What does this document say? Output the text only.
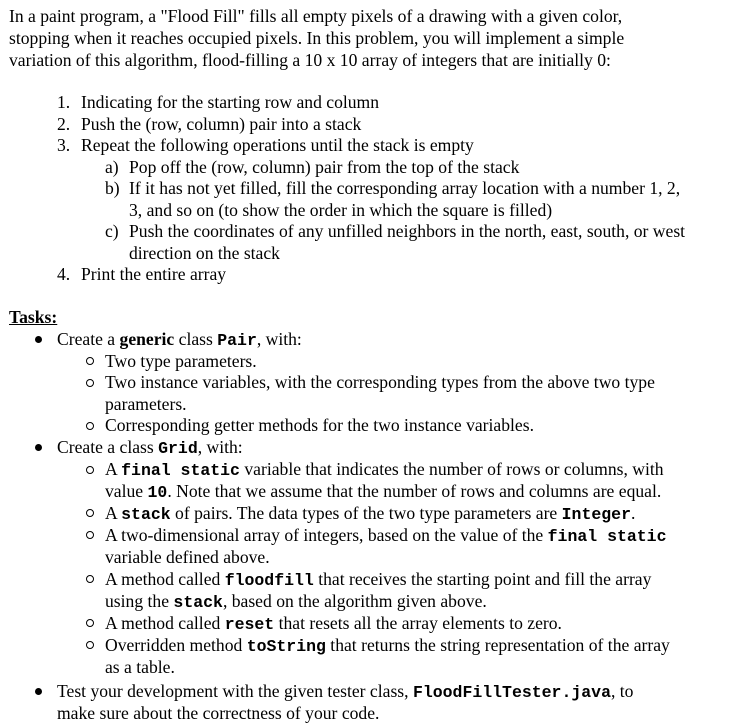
In a paint program, a "Flood Fill" fills all empty pixels of a drawing with a given color,
stopping when it reaches occupied pixels. In this problem, you will implement a simple
variation of this algorithm, flood-filling a 10 x 10 array of integers that are initially 0:
1. Indicating for the starting row and column
2. Push the (row, column) pair into a stack
3. Repeat the following operations until the stack is empty
a) Pop off the (row, column) pair from the top of the stack
b) If it has not yet filled, fill the corresponding array location with a number 1, 2,
3, and so on (to show the order in which the square is filled)
c) Push the coordinates of any unfilled neighbors in the north, east, south, or west
direction on the stack
4. Print the entire array
Tasks:
Create a generic class Pair, with:
Two type parameters.
Two instance variables, with the corresponding types from the above two type
parameters.
Corresponding getter methods for the two instance variables.
Create a class Grid, with:
A final static variable that indicates the number of rows or columns, with
value 10. Note that we assume that the number of rows and columns are equal.
A stack of pairs. The data types of the two type parameters are Integer.
A two-dimensional array of integers, based on the value of the final static
variable defined above.
A method called floodfill that receives the starting point and fill the array
using the stack, based on the algorithm given above.
A method called reset that resets all the array elements to zero.
Overridden method toString that returns the string representation of the array
as a table.
Test your development with the given tester class, FloodFillTester.java, to
make sure about the correctness of your code.
